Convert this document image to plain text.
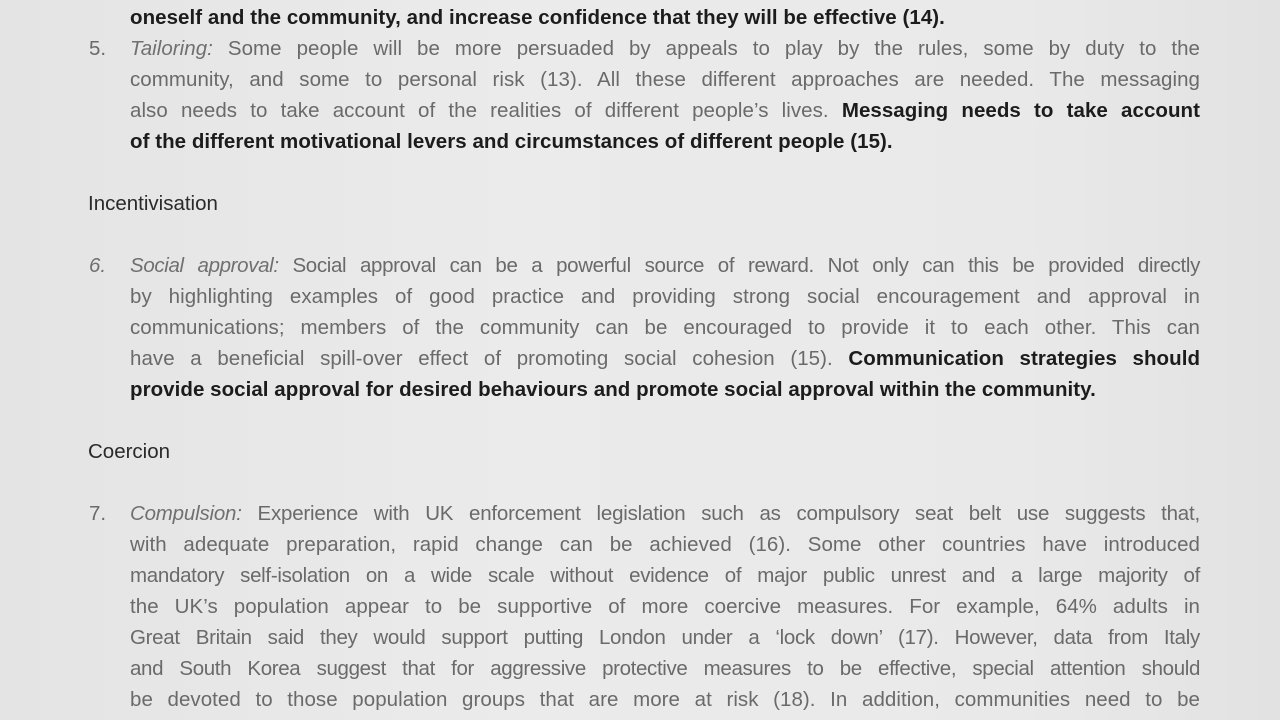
oneself and the community, and increase confidence that they will be effective (14).
5. Tailoring: Some people will be more persuaded by appeals to play by the rules, some by duty to the
community, and some to personal risk (13). All these different approaches are needed. The messaging
also needs to take account of the realities of different people’s lives. Messaging needs to take account
of the different motivational levers and circumstances of different people (15).
Incentivisation
6. Social approval: Social approval can be a powerful source of reward. Not only can this be provided directly
by highlighting examples of good practice and providing strong social encouragement and approval in
communications; members of the community can be encouraged to provide it to each other. This can
have a beneficial spill-over effect of promoting social cohesion (15). Communication strategies should
provide social approval for desired behaviours and promote social approval within the community.
Coercion
7. Compulsion: Experience with UK enforcement legislation such as compulsory seat belt use suggests that,
with adequate preparation, rapid change can be achieved (16). Some other countries have introduced
mandatory self-isolation on a wide scale without evidence of major public unrest and a large majority of
the UK’s population appear to be supportive of more coercive measures. For example, 64% adults in
Great Britain said they would support putting London under a ‘lock down’ (17). However, data from Italy
and South Korea suggest that for aggressive protective measures to be effective, special attention should
be devoted to those population groups that are more at risk (18). In addition, communities need to be
